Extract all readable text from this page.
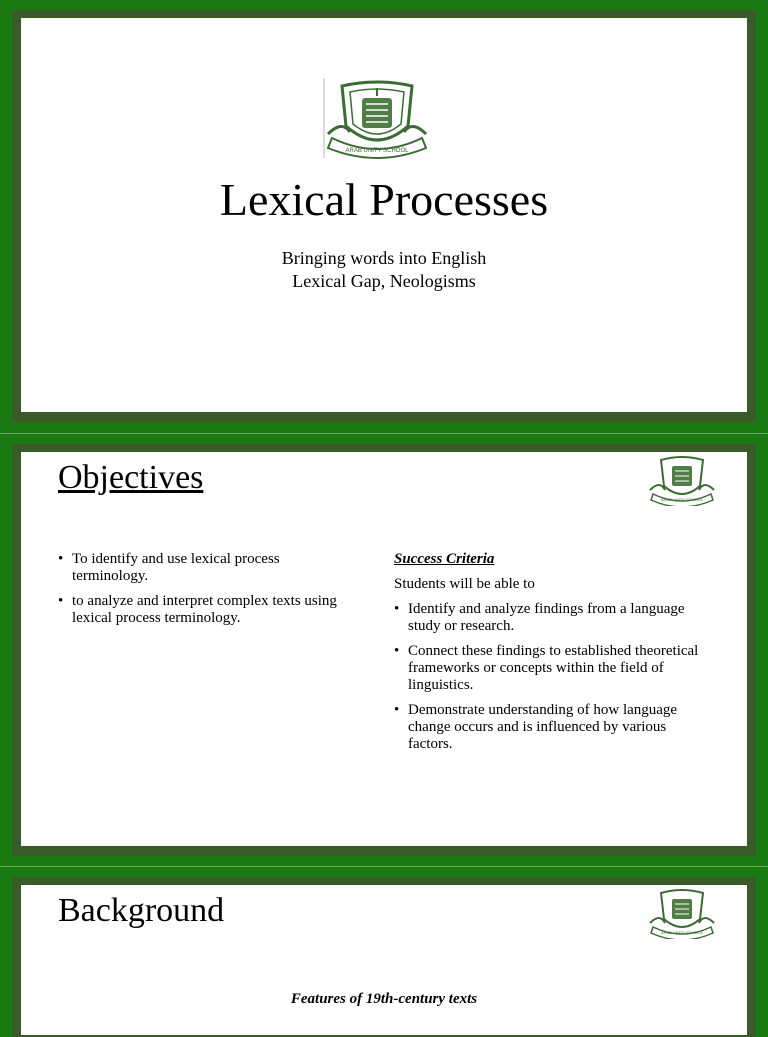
ARAB UNITY SCHOOL
Lexical Processes
Bringing words into English
Lexical Gap, Neologisms
Objectives
ARAB UNITY SCHOOL
• To identify and use lexical process terminology.
• to analyze and interpret complex texts using lexical process terminology.
Success Criteria
Students will be able to
• Identify and analyze findings from a language study or research.
• Connect these findings to established theoretical frameworks or concepts within the field of linguistics.
• Demonstrate understanding of how language change occurs and is influenced by various factors.
Background
ARAB UNITY SCHOOL
Features of 19th-century texts
